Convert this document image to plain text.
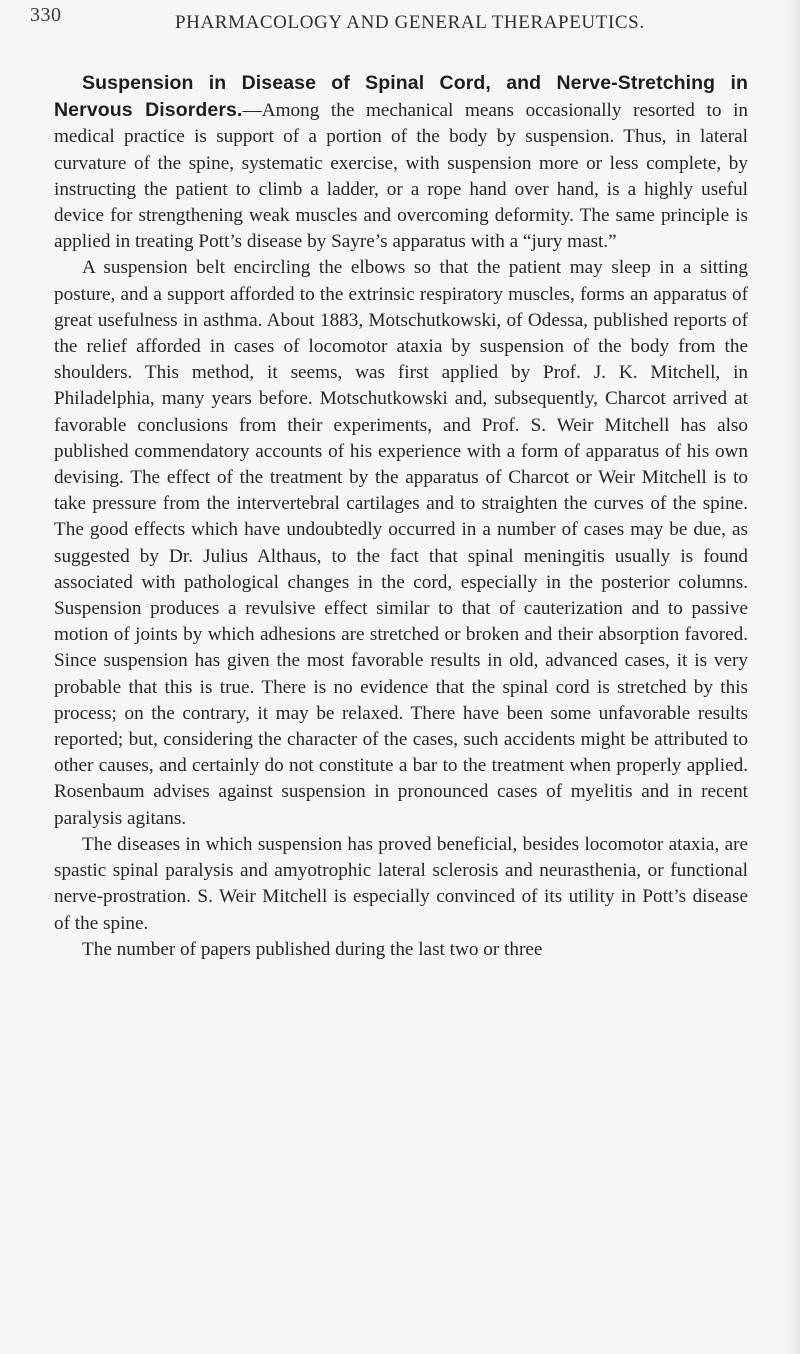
330	PHARMACOLOGY AND GENERAL THERAPEUTICS.

Suspension in Disease of Spinal Cord, and Nerve-Stretching in Nervous Disorders.—Among the mechanical means occasionally resorted to in medical practice is support of a portion of the body by suspension. Thus, in lateral curvature of the spine, systematic exercise, with suspension more or less complete, by instructing the patient to climb a ladder, or a rope hand over hand, is a highly useful device for strengthening weak muscles and overcoming deformity. The same principle is applied in treating Pott’s disease by Sayre’s apparatus with a “jury mast.”

A suspension belt encircling the elbows so that the patient may sleep in a sitting posture, and a support afforded to the extrinsic respiratory muscles, forms an apparatus of great usefulness in asthma. About 1883, Motschutkowski, of Odessa, published reports of the relief afforded in cases of locomotor ataxia by suspension of the body from the shoulders. This method, it seems, was first applied by Prof. J. K. Mitchell, in Philadelphia, many years before. Motschutkowski and, subsequently, Charcot arrived at favorable conclusions from their experiments, and Prof. S. Weir Mitchell has also published commendatory accounts of his experience with a form of apparatus of his own devising. The effect of the treatment by the apparatus of Charcot or Weir Mitchell is to take pressure from the intervertebral cartilages and to straighten the curves of the spine. The good effects which have undoubtedly occurred in a number of cases may be due, as suggested by Dr. Julius Althaus, to the fact that spinal meningitis usually is found associated with pathological changes in the cord, especially in the posterior columns. Suspension produces a revulsive effect similar to that of cauterization and to passive motion of joints by which adhesions are stretched or broken and their absorption favored. Since suspension has given the most favorable results in old, advanced cases, it is very probable that this is true. There is no evidence that the spinal cord is stretched by this process; on the contrary, it may be relaxed. There have been some unfavorable results reported; but, considering the character of the cases, such accidents might be attributed to other causes, and certainly do not constitute a bar to the treatment when properly applied. Rosenbaum advises against suspension in pronounced cases of myelitis and in recent paralysis agitans.

The diseases in which suspension has proved beneficial, besides locomotor ataxia, are spastic spinal paralysis and amyotrophic lateral sclerosis and neurasthenia, or functional nerve-prostration. S. Weir Mitchell is especially convinced of its utility in Pott’s disease of the spine.

The number of papers published during the last two or three
